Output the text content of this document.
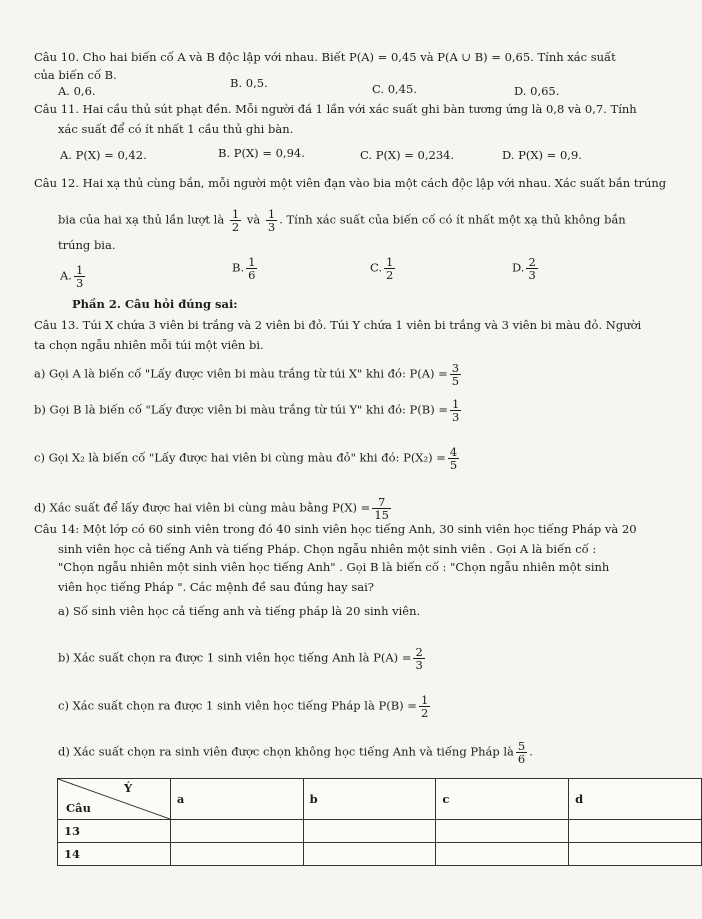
Câu 10. Cho hai biến cố A và B độc lập với nhau. Biết P(A) = 0,45 và P(A ∪ B) = 0,65. Tính xác suất
của biến cố B.
A. 0,6.
B. 0,5.	C. 0,45.	D. 0,65.
Câu 11. Hai cầu thủ sút phạt đền. Mỗi người đá 1 lần với xác suất ghi bàn tương ứng là 0,8 và 0,7. Tính
xác suất để có ít nhất 1 cầu thủ ghi bàn.
A. P(X) = 0,42.	B. P(X) = 0,94.	C. P(X) = 0,234.	D. P(X) = 0,9.
Câu 12. Hai xạ thủ cùng bắn, mỗi người một viên đạn vào bia một cách độc lập với nhau. Xác suất bắn trúng
bia của hai xạ thủ lần lượt là $\frac{1}{2}$ và $\frac{1}{3}$ . Tính xác suất của biến cố có ít nhất một xạ thủ không bắn
trúng bia.
A. $\frac{1}{3}$	B. $\frac{1}{6}$	C. $\frac{1}{2}$	D. $\frac{2}{3}$
Phần 2. Câu hỏi đúng sai:
Câu 13. Túi X chứa 3 viên bi trắng và 2 viên bi đỏ. Túi Y chứa 1 viên bi trắng và 3 viên bi màu đỏ. Người
ta chọn ngẫu nhiên mỗi túi một viên bi.
a) Gọi A là biến cố "Lấy được viên bi màu trắng từ túi X" khi đó: $P(A) = \frac{3}{5}$
b) Gọi B là biến cố "Lấy được viên bi màu trắng từ túi Y" khi đó: $P(B) = \frac{1}{3}$
c) Gọi X₂ là biến cố "Lấy được hai viên bi cùng màu đỏ" khi đó: $P(X_2) = \frac{4}{5}$
d) Xác suất để lấy được hai viên bi cùng màu bằng $P(X) = \frac{7}{15}$
Câu 14: Một lớp có 60 sinh viên trong đó 40 sinh viên học tiếng Anh, 30 sinh viên học tiếng Pháp và 20
sinh viên học cả tiếng Anh và tiếng Pháp. Chọn ngẫu nhiên một sinh viên . Gọi A là biến cố :
"Chọn ngẫu nhiên một sinh viên học tiếng Anh" . Gọi B là biến cố : "Chọn ngẫu nhiên một sinh
viên học tiếng Pháp ". Các mệnh đề sau đúng hay sai?
a) Số sinh viên học cả tiếng anh và tiếng pháp là 20 sinh viên.
b) Xác suất chọn ra được 1 sinh viên học tiếng Anh là $P(A) = \frac{2}{3}$
c) Xác suất chọn ra được 1 sinh viên học tiếng Pháp là $P(B) = \frac{1}{2}$
d) Xác suất chọn ra sinh viên được chọn không học tiếng Anh và tiếng Pháp là $\frac{5}{6}$ .
Ý
Câu	a	b	c	d
13				
14				
